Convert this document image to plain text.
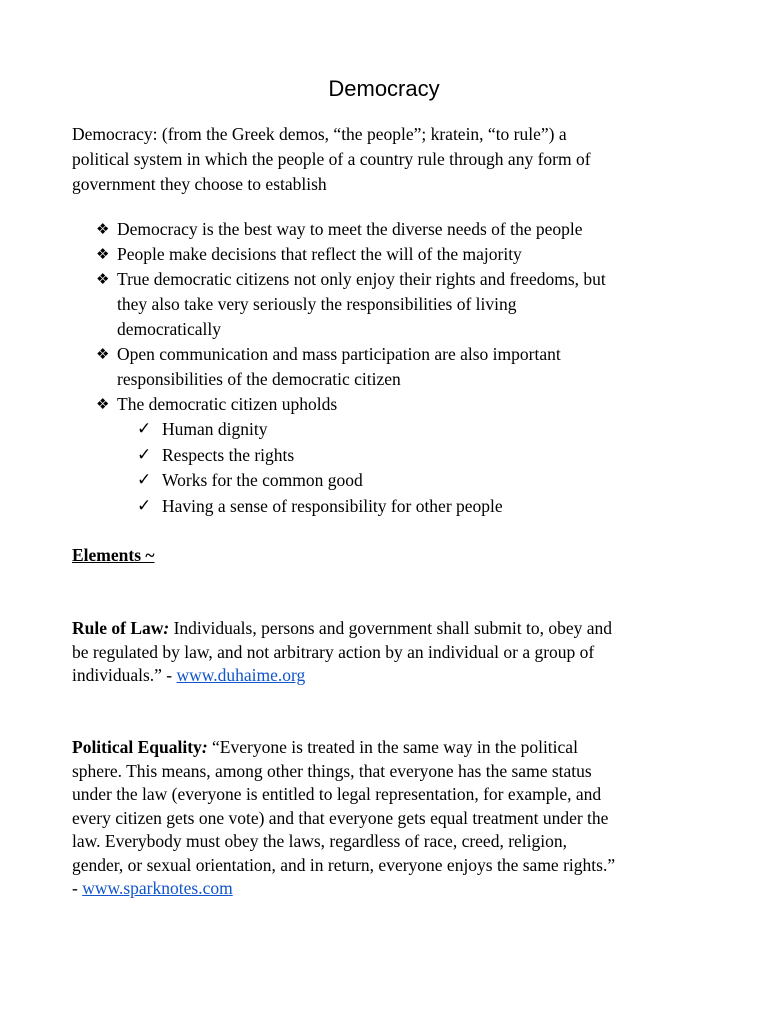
Democracy
Democracy: (from the Greek demos, “the people”; kratein, “to rule”) a
political system in which the people of a country rule through any form of
government they choose to establish
❖ Democracy is the best way to meet the diverse needs of the people
❖ People make decisions that reflect the will of the majority
❖ True democratic citizens not only enjoy their rights and freedoms, but
they also take very seriously the responsibilities of living
democratically
❖ Open communication and mass participation are also important
responsibilities of the democratic citizen
❖ The democratic citizen upholds
✓ Human dignity
✓ Respects the rights
✓ Works for the common good
✓ Having a sense of responsibility for other people
Elements ~
Rule of Law: Individuals, persons and government shall submit to, obey and
be regulated by law, and not arbitrary action by an individual or a group of
individuals.” - www.duhaime.org
Political Equality: “Everyone is treated in the same way in the political
sphere. This means, among other things, that everyone has the same status
under the law (everyone is entitled to legal representation, for example, and
every citizen gets one vote) and that everyone gets equal treatment under the
law. Everybody must obey the laws, regardless of race, creed, religion,
gender, or sexual orientation, and in return, everyone enjoys the same rights.”
- www.sparknotes.com
